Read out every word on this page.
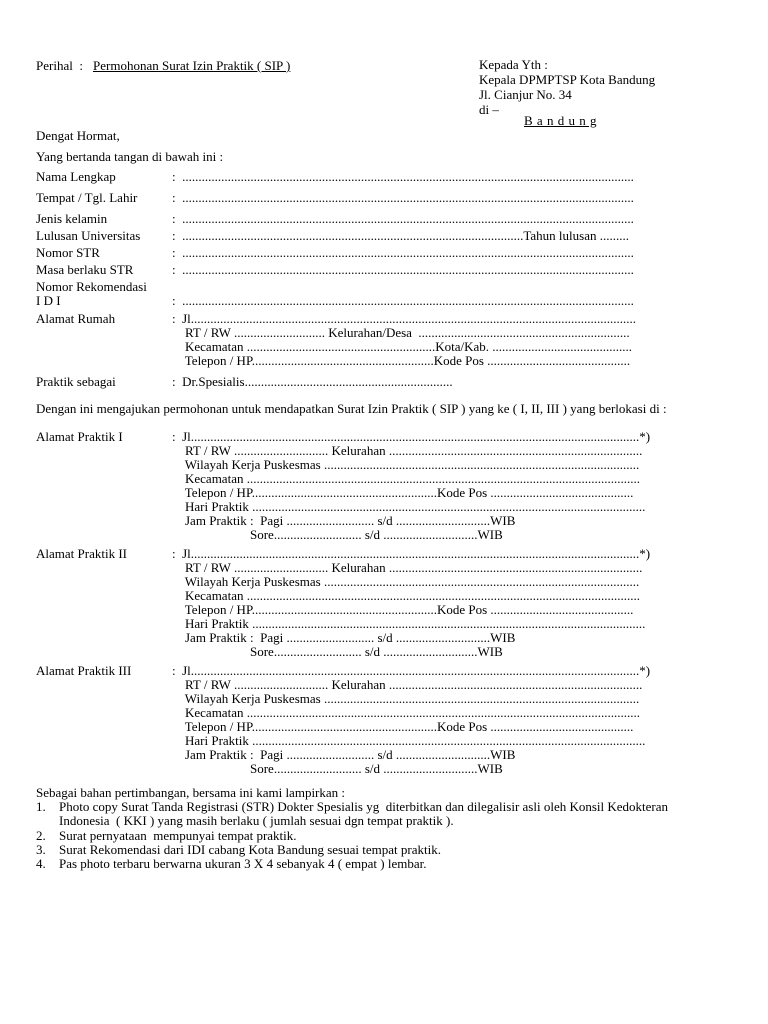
Perihal  : Permohonan Surat Izin Praktik ( SIP )	Kepada Yth :
Kepala DPMPTSP Kota Bandung
Jl. Cianjur No. 34
di –
B a n d u n g
Dengat Hormat,
Yang bertanda tangan di bawah ini :
Nama Lengkap	:  ...........................................................................................................................................
Tempat / Tgl. Lahir	:  ...........................................................................................................................................
Jenis kelamin	:  ...........................................................................................................................................
Lulusan Universitas :  .........................................................................................................Tahun lulusan .........
Nomor STR	:  ...........................................................................................................................................
Masa berlaku STR	:  ...........................................................................................................................................
Nomor Rekomendasi
I D I	:  ...........................................................................................................................................
Alamat Rumah	:  Jl.........................................................................................................................................
RT / RW ............................ Kelurahan/Desa  .................................................................
Kecamatan ..........................................................Kota/Kab. ...........................................
Telepon / HP........................................................Kode Pos ............................................
Praktik sebagai	:  Dr.Spesialis................................................................
Dengan ini mengajukan permohonan untuk mendapatkan Surat Izin Praktik ( SIP ) yang ke ( I, II, III ) yang berlokasi di :
Alamat Praktik I	:  Jl..........................................................................................................................................*)
RT / RW ............................. Kelurahan ..............................................................................
Wilayah Kerja Puskesmas .................................................................................................
Kecamatan .........................................................................................................................
Telepon / HP.........................................................Kode Pos ............................................
Hari Praktik .........................................................................................................................
Jam Praktik :  Pagi ........................... s/d .............................WIB
Sore........................... s/d .............................WIB
Alamat Praktik II	:  Jl..........................................................................................................................................*)
RT / RW ............................. Kelurahan ..............................................................................
Wilayah Kerja Puskesmas .................................................................................................
Kecamatan .........................................................................................................................
Telepon / HP.........................................................Kode Pos ............................................
Hari Praktik .........................................................................................................................
Jam Praktik :  Pagi ........................... s/d .............................WIB
Sore........................... s/d .............................WIB
Alamat Praktik III	:  Jl..........................................................................................................................................*)
RT / RW ............................. Kelurahan ..............................................................................
Wilayah Kerja Puskesmas .................................................................................................
Kecamatan .........................................................................................................................
Telepon / HP.........................................................Kode Pos ............................................
Hari Praktik .........................................................................................................................
Jam Praktik :  Pagi ........................... s/d .............................WIB
Sore........................... s/d .............................WIB
Sebagai bahan pertimbangan, bersama ini kami lampirkan :
1. Photo copy Surat Tanda Registrasi (STR) Dokter Spesialis yg  diterbitkan dan dilegalisir asli oleh Konsil Kedokteran
Indonesia  ( KKI ) yang masih berlaku ( jumlah sesuai dgn tempat praktik ).
2. Surat pernyataan  mempunyai tempat praktik.
3. Surat Rekomendasi dari IDI cabang Kota Bandung sesuai tempat praktik.
4. Pas photo terbaru berwarna ukuran 3 X 4 sebanyak 4 ( empat ) lembar.
